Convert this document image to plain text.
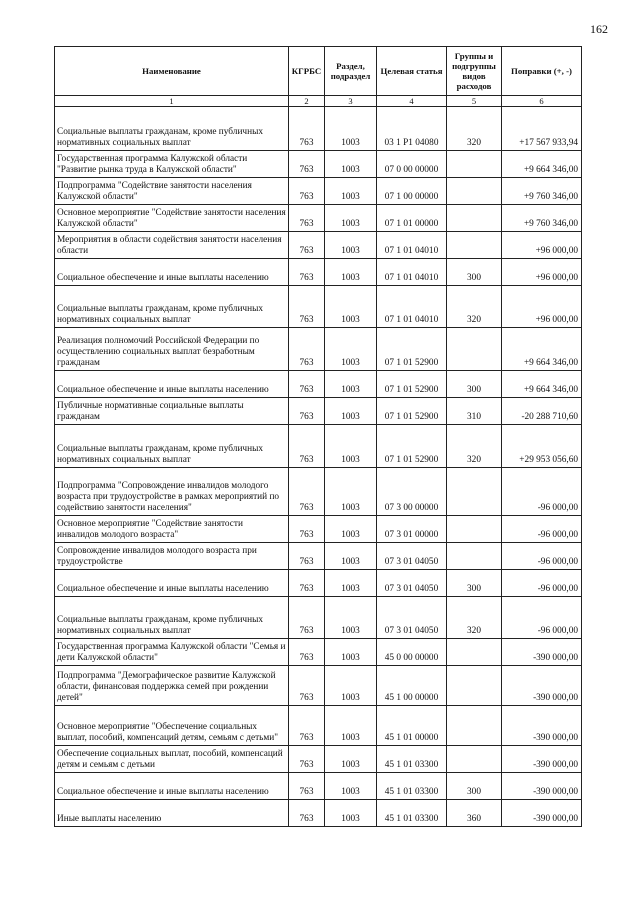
162
Наименование	КГРБС	Раздел, подраздел	Целевая статья	Группы и подгруппы видов расходов	Поправки (+, -)
1	2	3	4	5	6
Социальные выплаты гражданам, кроме публичных нормативных социальных выплат	763	1003	03 1 P1 04080	320	+17 567 933,94
Государственная программа Калужской области "Развитие рынка труда в Калужской области"	763	1003	07 0 00 00000		+9 664 346,00
Подпрограмма "Содействие занятости населения Калужской области"	763	1003	07 1 00 00000		+9 760 346,00
Основное мероприятие "Содействие занятости населения Калужской области"	763	1003	07 1 01 00000		+9 760 346,00
Мероприятия в области содействия занятости населения области	763	1003	07 1 01 04010		+96 000,00
Социальное обеспечение и иные выплаты населению	763	1003	07 1 01 04010	300	+96 000,00
Социальные выплаты гражданам, кроме публичных нормативных социальных выплат	763	1003	07 1 01 04010	320	+96 000,00
Реализация полномочий Российской Федерации по осуществлению социальных выплат безработным гражданам	763	1003	07 1 01 52900		+9 664 346,00
Социальное обеспечение и иные выплаты населению	763	1003	07 1 01 52900	300	+9 664 346,00
Публичные нормативные социальные выплаты гражданам	763	1003	07 1 01 52900	310	-20 288 710,60
Социальные выплаты гражданам, кроме публичных нормативных социальных выплат	763	1003	07 1 01 52900	320	+29 953 056,60
Подпрограмма "Сопровождение инвалидов молодого возраста при трудоустройстве в рамках мероприятий по содействию занятости населения"	763	1003	07 3 00 00000		-96 000,00
Основное мероприятие "Содействие занятости инвалидов молодого возраста"	763	1003	07 3 01 00000		-96 000,00
Сопровождение инвалидов молодого возраста при трудоустройстве	763	1003	07 3 01 04050		-96 000,00
Социальное обеспечение и иные выплаты населению	763	1003	07 3 01 04050	300	-96 000,00
Социальные выплаты гражданам, кроме публичных нормативных социальных выплат	763	1003	07 3 01 04050	320	-96 000,00
Государственная программа Калужской области "Семья и дети Калужской области"	763	1003	45 0 00 00000		-390 000,00
Подпрограмма "Демографическое развитие Калужской области, финансовая поддержка семей при рождении детей"	763	1003	45 1 00 00000		-390 000,00
Основное мероприятие "Обеспечение социальных выплат, пособий, компенсаций детям, семьям с детьми"	763	1003	45 1 01 00000		-390 000,00
Обеспечение социальных выплат, пособий, компенсаций детям и семьям с детьми	763	1003	45 1 01 03300		-390 000,00
Социальное обеспечение и иные выплаты населению	763	1003	45 1 01 03300	300	-390 000,00
Иные выплаты населению	763	1003	45 1 01 03300	360	-390 000,00
